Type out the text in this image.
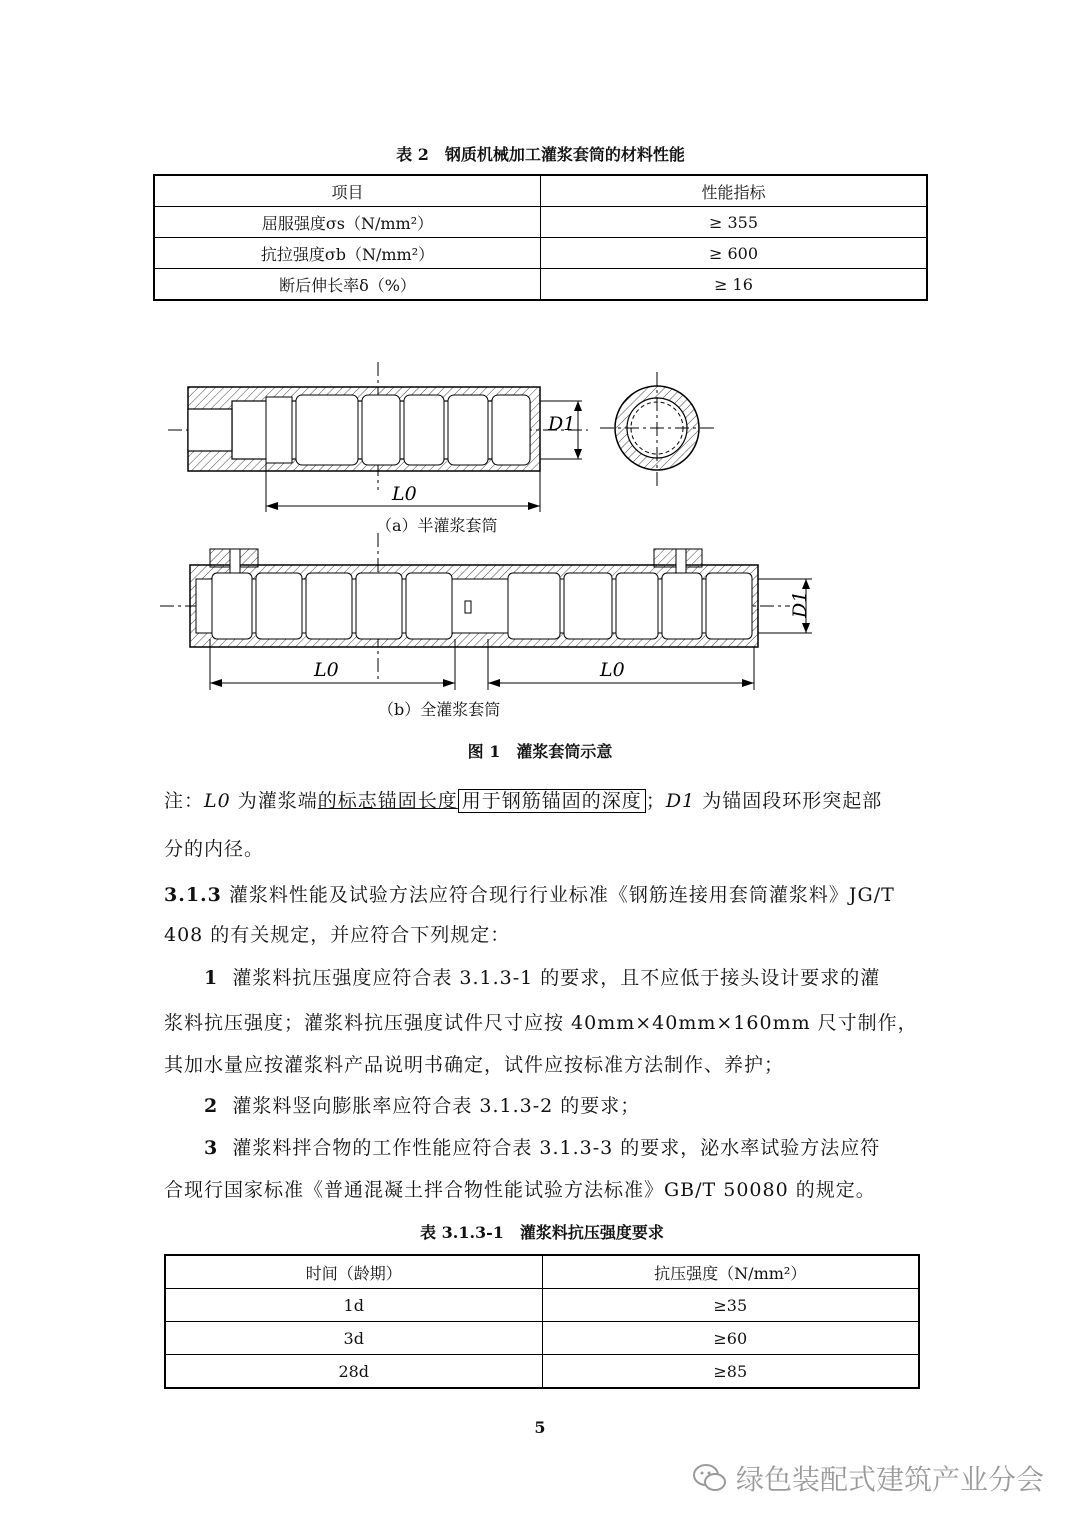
表 2　钢质机械加工灌浆套筒的材料性能
项目	性能指标
屈服强度σs（N/mm²）	≥ 355
抗拉强度σb（N/mm²）	≥ 600
断后伸长率δ（%）	≥ 16
D1
L0
D1
L0	L0
（a）半灌浆套筒
（b）全灌浆套筒
图 1　灌浆套筒示意
注：L0 为灌浆端的标志锚固长度 用于钢筋锚固的深度 ；D1 为锚固段环形突起部
分的内径。
3.1.3 灌浆料性能及试验方法应符合现行行业标准《钢筋连接用套筒灌浆料》JG/T
408 的有关规定，并应符合下列规定：
1 灌浆料抗压强度应符合表 3.1.3-1 的要求，且不应低于接头设计要求的灌
浆料抗压强度；灌浆料抗压强度试件尺寸应按 40mm×40mm×160mm 尺寸制作，
其加水量应按灌浆料产品说明书确定，试件应按标准方法制作、养护；
2 灌浆料竖向膨胀率应符合表 3.1.3-2 的要求；
3 灌浆料拌合物的工作性能应符合表 3.1.3-3 的要求，泌水率试验方法应符
合现行国家标准《普通混凝土拌合物性能试验方法标准》GB/T 50080 的规定。
表 3.1.3-1　灌浆料抗压强度要求
时间（龄期）	抗压强度（N/mm²）
1d	≥35
3d	≥60
28d	≥85
5
绿色装配式建筑产业分会
